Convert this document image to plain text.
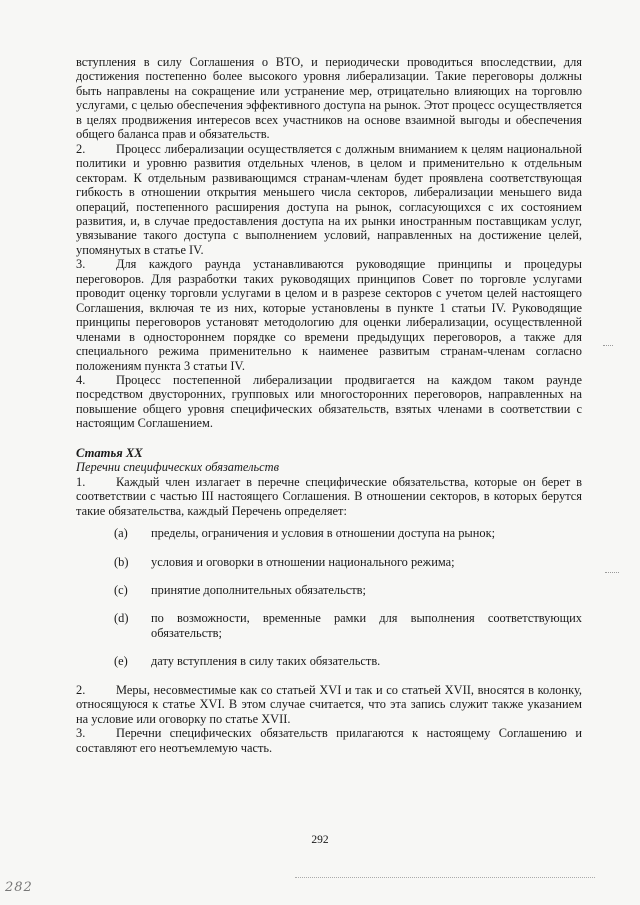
вступления в силу Соглашения о ВТО, и периодически проводиться впоследствии, для достижения постепенно более высокого уровня либерализации. Такие переговоры должны быть направлены на сокращение или устранение мер, отрицательно влияющих на торговлю услугами, с целью обеспечения эффективного доступа на рынок. Этот процесс осуществляется в целях продвижения интересов всех участников на основе взаимной выгоды и обеспечения общего баланса прав и обязательств.

2. Процесс либерализации осуществляется с должным вниманием к целям национальной политики и уровню развития отдельных членов, в целом и применительно к отдельным секторам. К отдельным развивающимся странам-членам будет проявлена соответствующая гибкость в отношении открытия меньшего числа секторов, либерализации меньшего вида операций, постепенного расширения доступа на рынок, согласующихся с их состоянием развития, и, в случае предоставления доступа на их рынки иностранным поставщикам услуг, увязывание такого доступа с выполнением условий, направленных на достижение целей, упомянутых в статье IV.

3. Для каждого раунда устанавливаются руководящие принципы и процедуры переговоров. Для разработки таких руководящих принципов Совет по торговле услугами проводит оценку торговли услугами в целом и в разрезе секторов с учетом целей настоящего Соглашения, включая те из них, которые установлены в пункте 1 статьи IV. Руководящие принципы переговоров установят методологию для оценки либерализации, осуществленной членами в одностороннем порядке со времени предыдущих переговоров, а также для специального режима применительно к наименее развитым странам-членам согласно положениям пункта 3 статьи IV.

4. Процесс постепенной либерализации продвигается на каждом таком раунде посредством двусторонних, групповых или многосторонних переговоров, направленных на повышение общего уровня специфических обязательств, взятых членами в соответствии с настоящим Соглашением.

Статья XX

Перечни специфических обязательств

1. Каждый член излагает в перечне специфические обязательства, которые он берет в соответствии с частью III настоящего Соглашения. В отношении секторов, в которых берутся такие обязательства, каждый Перечень определяет:

(a) пределы, ограничения и условия в отношении доступа на рынок;
(b) условия и оговорки в отношении национального режима;
(c) принятие дополнительных обязательств;
(d) по возможности, временные рамки для выполнения соответствующих обязательств;
(e) дату вступления в силу таких обязательств.

2. Меры, несовместимые как со статьей XVI и так и со статьей XVII, вносятся в колонку, относящуюся к статье XVI. В этом случае считается, что эта запись служит также указанием на условие или оговорку по статье XVII.

3. Перечни специфических обязательств прилагаются к настоящему Соглашению и составляют его неотъемлемую часть.

292
282
